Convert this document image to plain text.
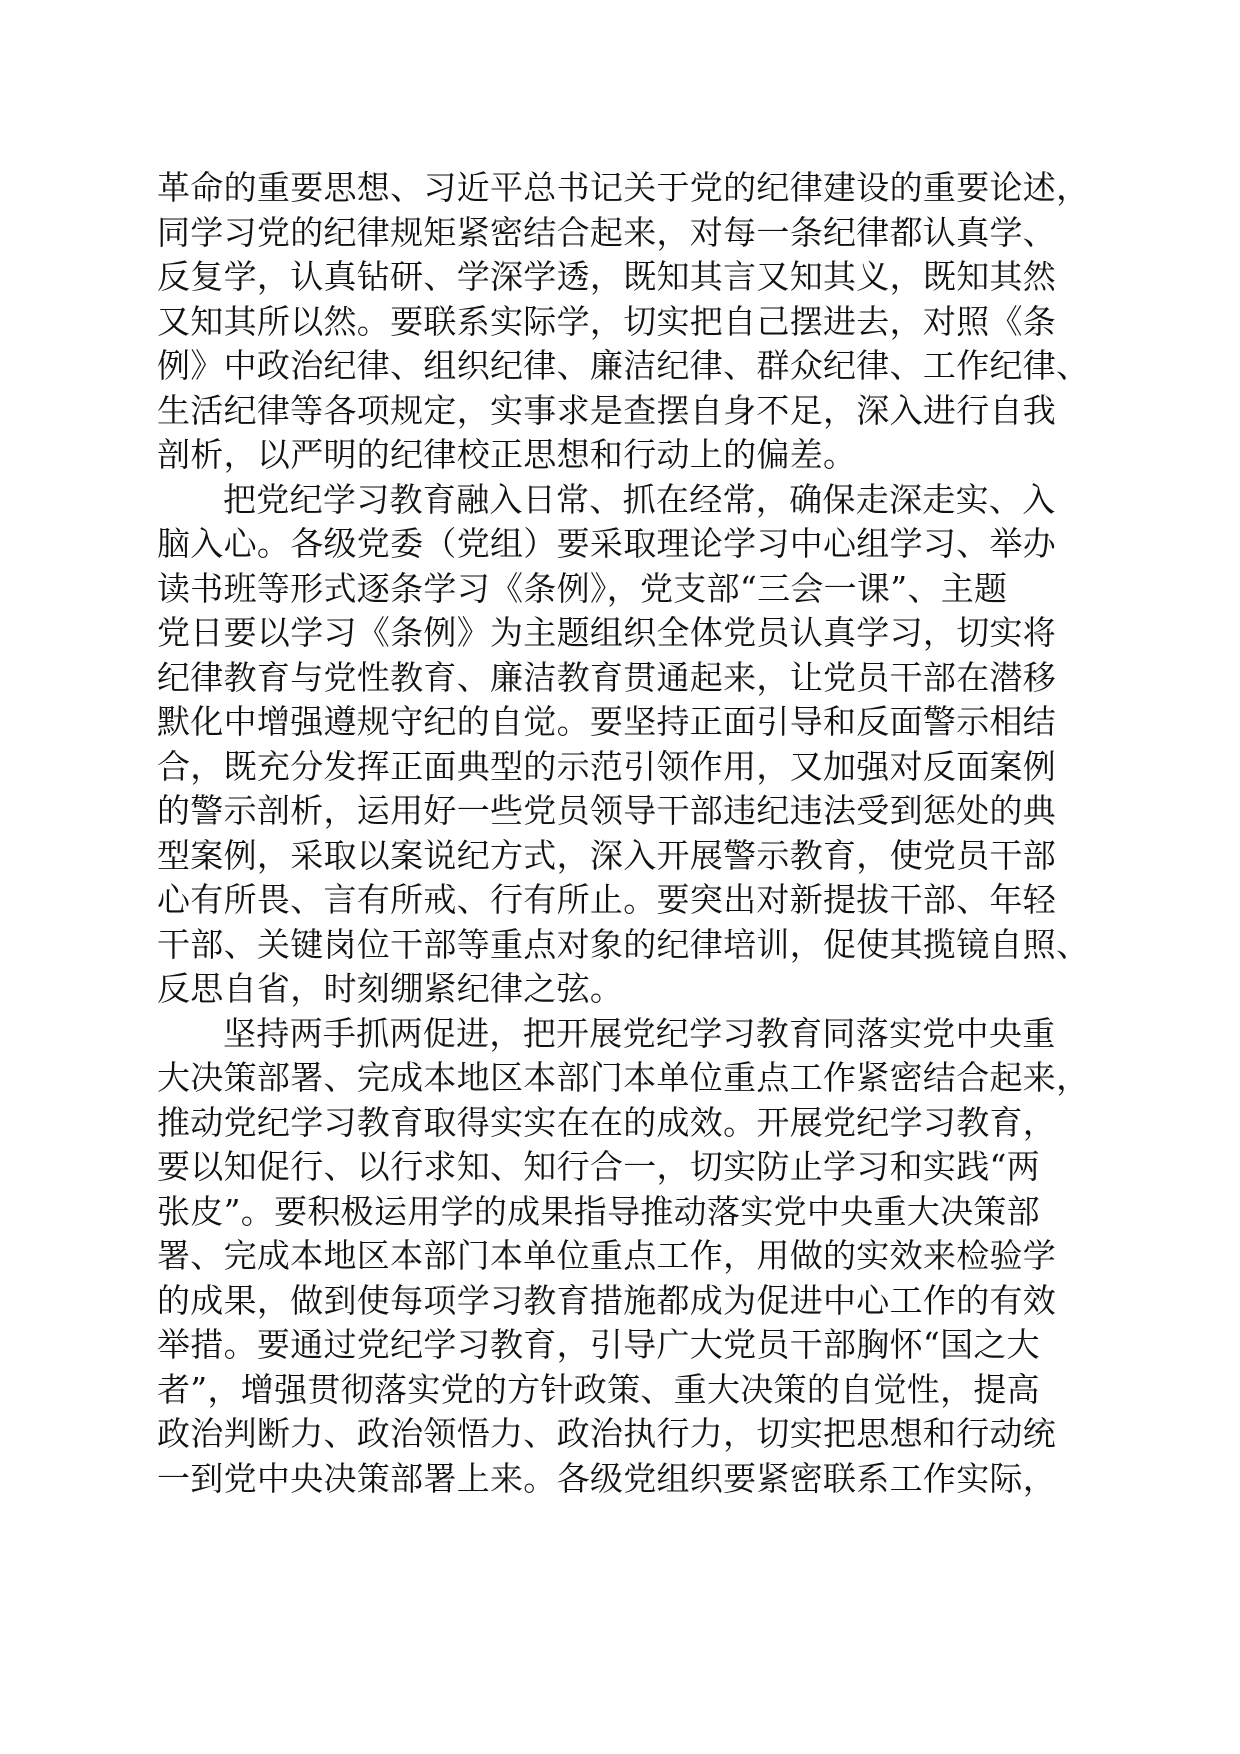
革命的重要思想、习近平总书记关于党的纪律建设的重要论述，
同学习党的纪律规矩紧密结合起来，对每一条纪律都认真学、
反复学，认真钻研、学深学透，既知其言又知其义，既知其然
又知其所以然。要联系实际学，切实把自己摆进去，对照《条
例》中政治纪律、组织纪律、廉洁纪律、群众纪律、工作纪律、
生活纪律等各项规定，实事求是查摆自身不足，深入进行自我
剖析，以严明的纪律校正思想和行动上的偏差。
把党纪学习教育融入日常、抓在经常，确保走深走实、入
脑入心。各级党委（党组）要采取理论学习中心组学习、举办
读书班等形式逐条学习《条例》，党支部“三会一课”、主题
党日要以学习《条例》为主题组织全体党员认真学习，切实将
纪律教育与党性教育、廉洁教育贯通起来，让党员干部在潜移
默化中增强遵规守纪的自觉。要坚持正面引导和反面警示相结
合，既充分发挥正面典型的示范引领作用，又加强对反面案例
的警示剖析，运用好一些党员领导干部违纪违法受到惩处的典
型案例，采取以案说纪方式，深入开展警示教育，使党员干部
心有所畏、言有所戒、行有所止。要突出对新提拔干部、年轻
干部、关键岗位干部等重点对象的纪律培训，促使其揽镜自照、
反思自省，时刻绷紧纪律之弦。
坚持两手抓两促进，把开展党纪学习教育同落实党中央重
大决策部署、完成本地区本部门本单位重点工作紧密结合起来，
推动党纪学习教育取得实实在在的成效。开展党纪学习教育，
要以知促行、以行求知、知行合一，切实防止学习和实践“两
张皮”。要积极运用学的成果指导推动落实党中央重大决策部
署、完成本地区本部门本单位重点工作，用做的实效来检验学
的成果，做到使每项学习教育措施都成为促进中心工作的有效
举措。要通过党纪学习教育，引导广大党员干部胸怀“国之大
者”，增强贯彻落实党的方针政策、重大决策的自觉性，提高
政治判断力、政治领悟力、政治执行力，切实把思想和行动统
一到党中央决策部署上来。各级党组织要紧密联系工作实际，
